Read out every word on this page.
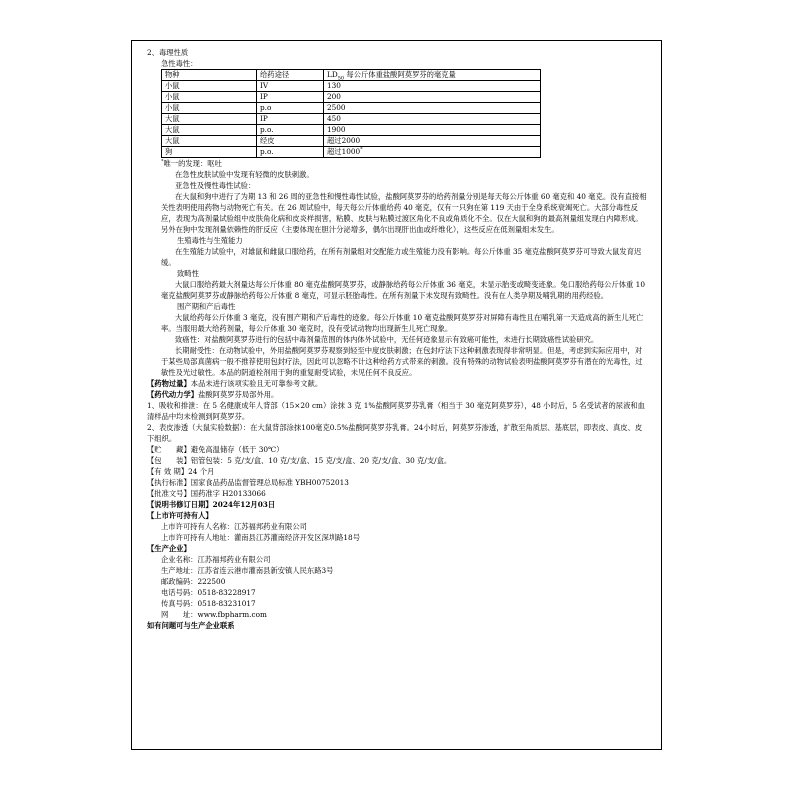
2、毒理性质

急性毒性：

物种	给药途径	$LD_{50}$ 每公斤体重盐酸阿莫罗芬的毫克量
小鼠	IV	130
小鼠	IP	200
小鼠	p.o	2500
大鼠	IP	450
大鼠	p.o.	1900
大鼠	经皮	超过2000
狗	p.o.	超过1000*

*唯一的发现：呕吐

在急性皮肤试验中发现有轻微的皮肤刺激。

亚急性及慢性毒性试验：

在大鼠和狗中进行了为期 13 和 26 周的亚急性和慢性毒性试验，盐酸阿莫罗芬的给药剂量分别是每天每公斤体重 60 毫克和 40 毫克。没有直接相关性表明使用药物与动物死亡有关。在 26 周试验中，每天每公斤体重给药 40 毫克，仅有一只狗在第 119 天由于全身系统衰竭死亡。大部分毒性反应，表现为高剂量试验组中皮肤角化病和皮炎样损害，粘膜、皮肤与粘膜过渡区角化不良或角质化不全。仅在大鼠和狗的最高剂量组发现白内障形成。另外在狗中发现剂量依赖性的肝反应（主要体现在胆汁分泌增多，偶尔出现肝出血或纤维化），这些反应在低剂量组未发生。

生殖毒性与生殖能力

在生殖能力试验中，对雄鼠和雌鼠口服给药，在所有剂量组对交配能力或生殖能力没有影响。每公斤体重 35 毫克盐酸阿莫罗芬可导致大鼠发育迟缓。

致畸性

大鼠口服给药最大剂量达每公斤体重 80 毫克盐酸阿莫罗芬，或静脉给药每公斤体重 36 毫克，未显示胎变或畸变迹象。兔口服给药每公斤体重 10 毫克盐酸阿莫罗芬或静脉给药每公斤体重 8 毫克，可显示胚胎毒性。在所有剂量下未发现有致畸性。没有在人类孕期及哺乳期的用药经验。

围产期和产后毒性

大鼠给药每公斤体重 3 毫克，没有围产期和产后毒性的迹象。每公斤体重 10 毫克盐酸阿莫罗芬对屏障有毒性且在哺乳第一天造成高的新生儿死亡率。当服用最大给药剂量，每公斤体重 30 毫克时，没有受试动物均出现新生儿死亡现象。

致癌性：对盐酸阿莫罗芬进行的包括中毒剂量范围的体内体外试验中，无任何迹象显示有致癌可能性，未进行长期致癌性试验研究。

长期耐受性：在动物试验中，外用盐酸阿莫罗芬观察到轻至中度皮肤刺激；在包封疗法下这种刺激表现得非常明显。但是，考虑到实际应用中，对于某些局部真菌病一般不推荐使用包封疗法，因此可以忽略不计这种给药方式带来的刺激。没有特殊的动物试验表明盐酸阿莫罗芬有潜在的光毒性，过敏性及光过敏性。本品的阴道栓剂用于狗的重复耐受试验，未见任何不良反应。

【药物过量】本品未进行该项实验且无可靠参考文献。

【药代动力学】盐酸阿莫罗芬局部外用。

1、吸收和排泄：在 5 名健康成年人背部（15×20 cm）涂抹 3 克 1%盐酸阿莫罗芬乳膏（相当于 30 毫克阿莫罗芬），48 小时后，5 名受试者的尿液和血清样品中均未检测到阿莫罗芬。

2、表皮渗透（大鼠实验数据）：在大鼠背部涂抹100毫克0.5%盐酸阿莫罗芬乳膏。24小时后，阿莫罗芬渗透，扩散至角质层、基底层，即表皮、真皮、皮下组织。

【贮　　藏】避免高温储存（低于 30℃）

【包　　装】铝管包装：5 克/支/盒、10 克/支/盒、15 克/支/盒、20 克/支/盒、30 克/支/盒。

【有 效 期】24 个月

【执行标准】国家食品药品监督管理总局标准 YBH00752013

【批准文号】国药准字 H20133066

【说明书修订日期】2024年12月03日

【上市许可持有人】

上市许可持有人名称：江苏福邦药业有限公司

上市许可持有人地址：灌南县江苏灌南经济开发区深圳路18号

【生产企业】

企业名称：江苏福邦药业有限公司

生产地址：江苏省连云港市灌南县新安镇人民东路3号

邮政编码：222500

电话号码：0518-83228917

传真号码：0518-83231017

网　　址：www.fbpharm.com

如有问题可与生产企业联系
